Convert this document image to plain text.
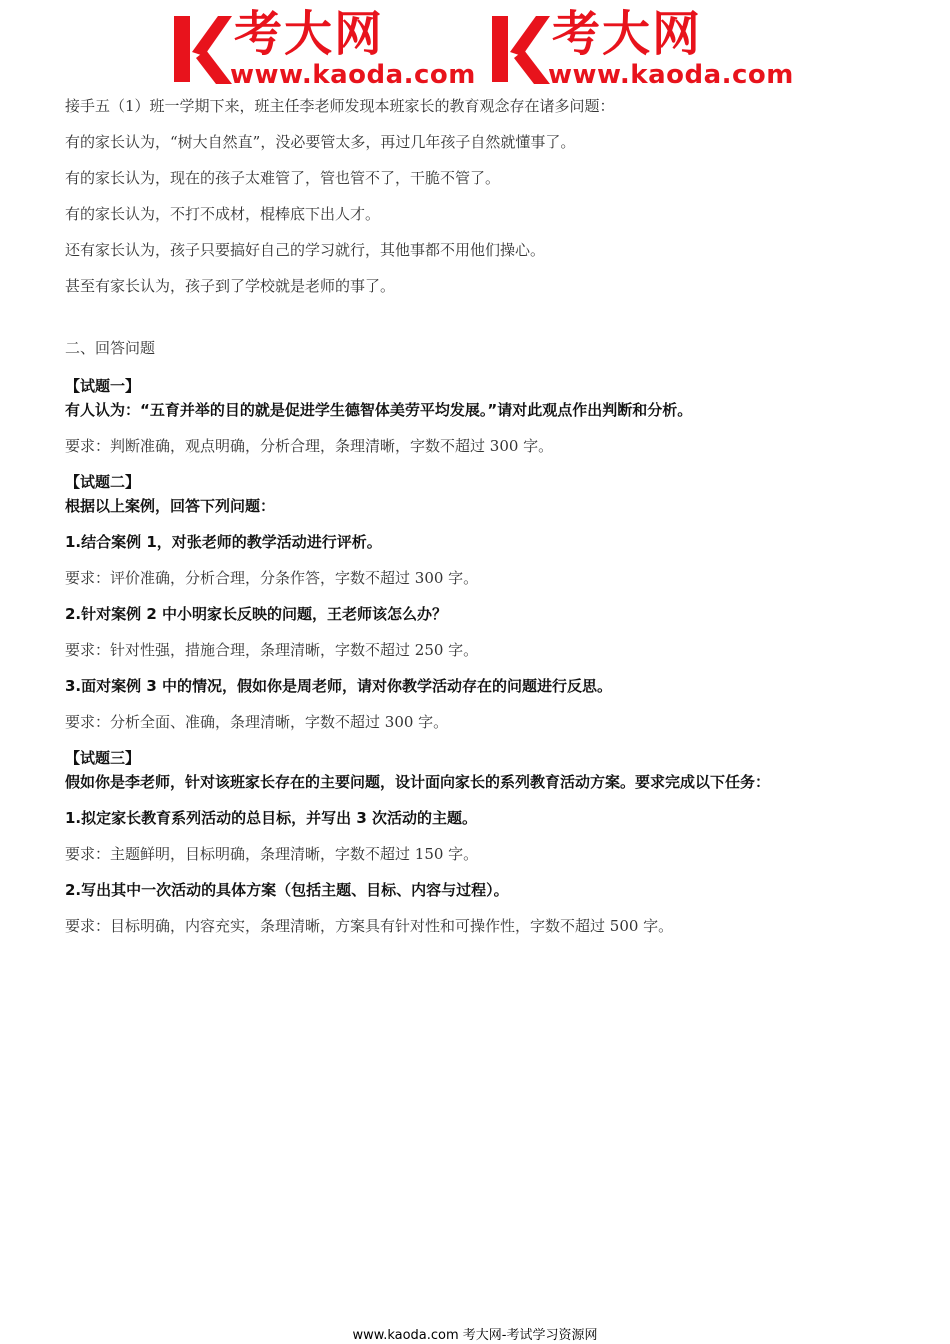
考大网
www.kaoda.com
考大网
www.kaoda.com

接手五（1）班一学期下来，班主任李老师发现本班家长的教育观念存在诸多问题：

有的家长认为，“树大自然直”，没必要管太多，再过几年孩子自然就懂事了。

有的家长认为，现在的孩子太难管了，管也管不了，干脆不管了。

有的家长认为，不打不成材，棍棒底下出人才。

还有家长认为，孩子只要搞好自己的学习就行，其他事都不用他们操心。

甚至有家长认为，孩子到了学校就是老师的事了。

二、回答问题

【试题一】

有人认为：“五育并举的目的就是促进学生德智体美劳平均发展。”请对此观点作出判断和分析。

要求：判断准确，观点明确，分析合理，条理清晰，字数不超过 300 字。

【试题二】

根据以上案例，回答下列问题：

1.结合案例 1，对张老师的教学活动进行评析。

要求：评价准确，分析合理，分条作答，字数不超过 300 字。

2.针对案例 2 中小明家长反映的问题，王老师该怎么办？

要求：针对性强，措施合理，条理清晰，字数不超过 250 字。

3.面对案例 3 中的情况，假如你是周老师，请对你教学活动存在的问题进行反思。

要求：分析全面、准确，条理清晰，字数不超过 300 字。

【试题三】

假如你是李老师，针对该班家长存在的主要问题，设计面向家长的系列教育活动方案。要求完成以下任务：

1.拟定家长教育系列活动的总目标，并写出 3 次活动的主题。

要求：主题鲜明，目标明确，条理清晰，字数不超过 150 字。

2.写出其中一次活动的具体方案（包括主题、目标、内容与过程）。

要求：目标明确，内容充实，条理清晰，方案具有针对性和可操作性，字数不超过 500 字。

www.kaoda.com 考大网-考试学习资源网
